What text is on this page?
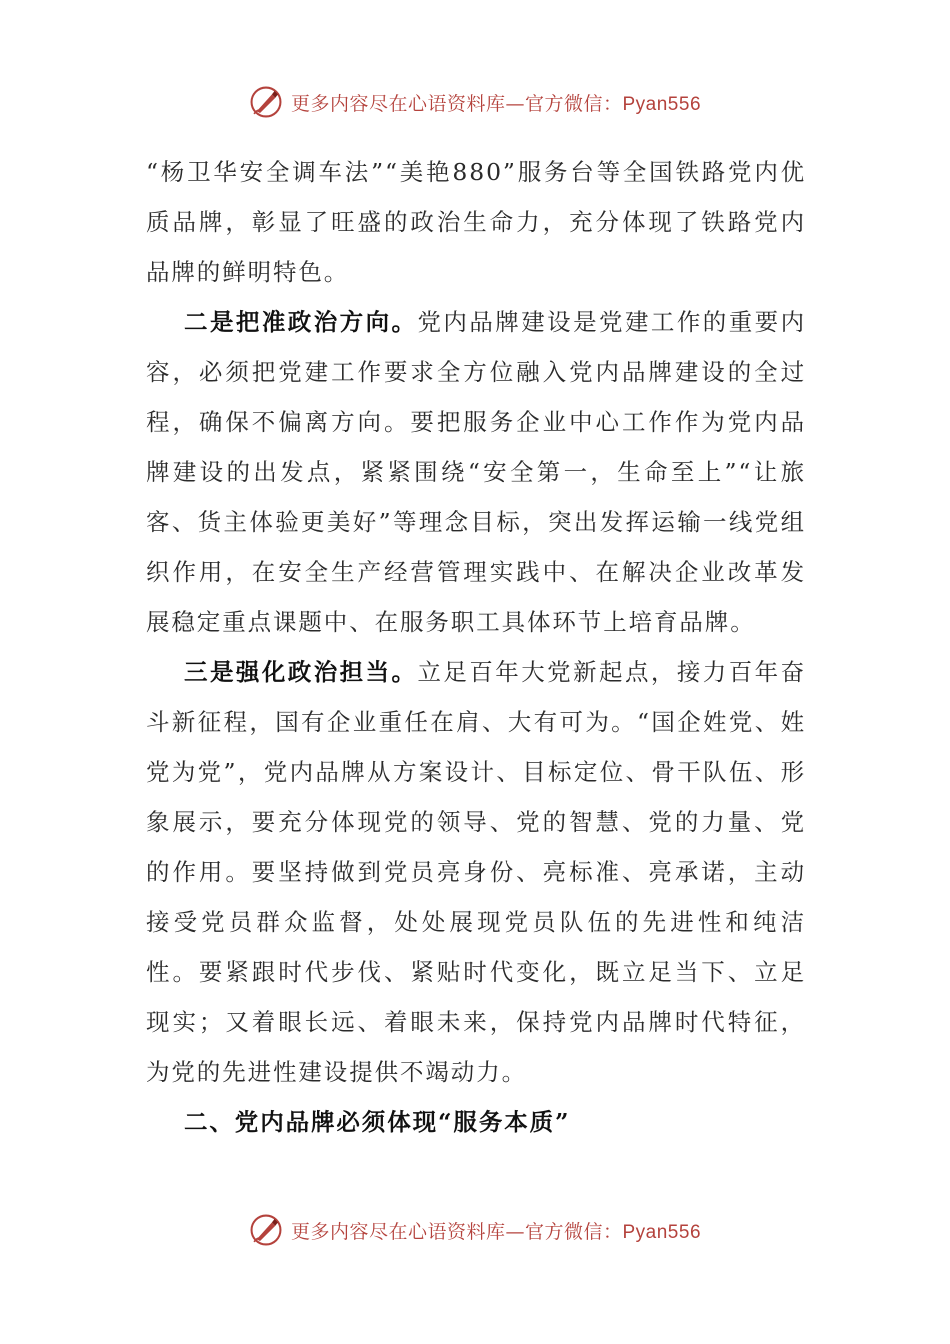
更多内容尽在心语资料库—官方微信：Pyan556

“杨卫华安全调车法”“美艳880”服务台等全国铁路党内优质品牌，彰显了旺盛的政治生命力，充分体现了铁路党内品牌的鲜明特色。

二是把准政治方向。党内品牌建设是党建工作的重要内容，必须把党建工作要求全方位融入党内品牌建设的全过程，确保不偏离方向。要把服务企业中心工作作为党内品牌建设的出发点，紧紧围绕“安全第一，生命至上”“让旅客、货主体验更美好”等理念目标，突出发挥运输一线党组织作用，在安全生产经营管理实践中、在解决企业改革发展稳定重点课题中、在服务职工具体环节上培育品牌。

三是强化政治担当。立足百年大党新起点，接力百年奋斗新征程，国有企业重任在肩、大有可为。“国企姓党、姓党为党”，党内品牌从方案设计、目标定位、骨干队伍、形象展示，要充分体现党的领导、党的智慧、党的力量、党的作用。要坚持做到党员亮身份、亮标准、亮承诺，主动接受党员群众监督，处处展现党员队伍的先进性和纯洁性。要紧跟时代步伐、紧贴时代变化，既立足当下、立足现实；又着眼长远、着眼未来，保持党内品牌时代特征，为党的先进性建设提供不竭动力。

二、党内品牌必须体现“服务本质”

更多内容尽在心语资料库—官方微信：Pyan556
